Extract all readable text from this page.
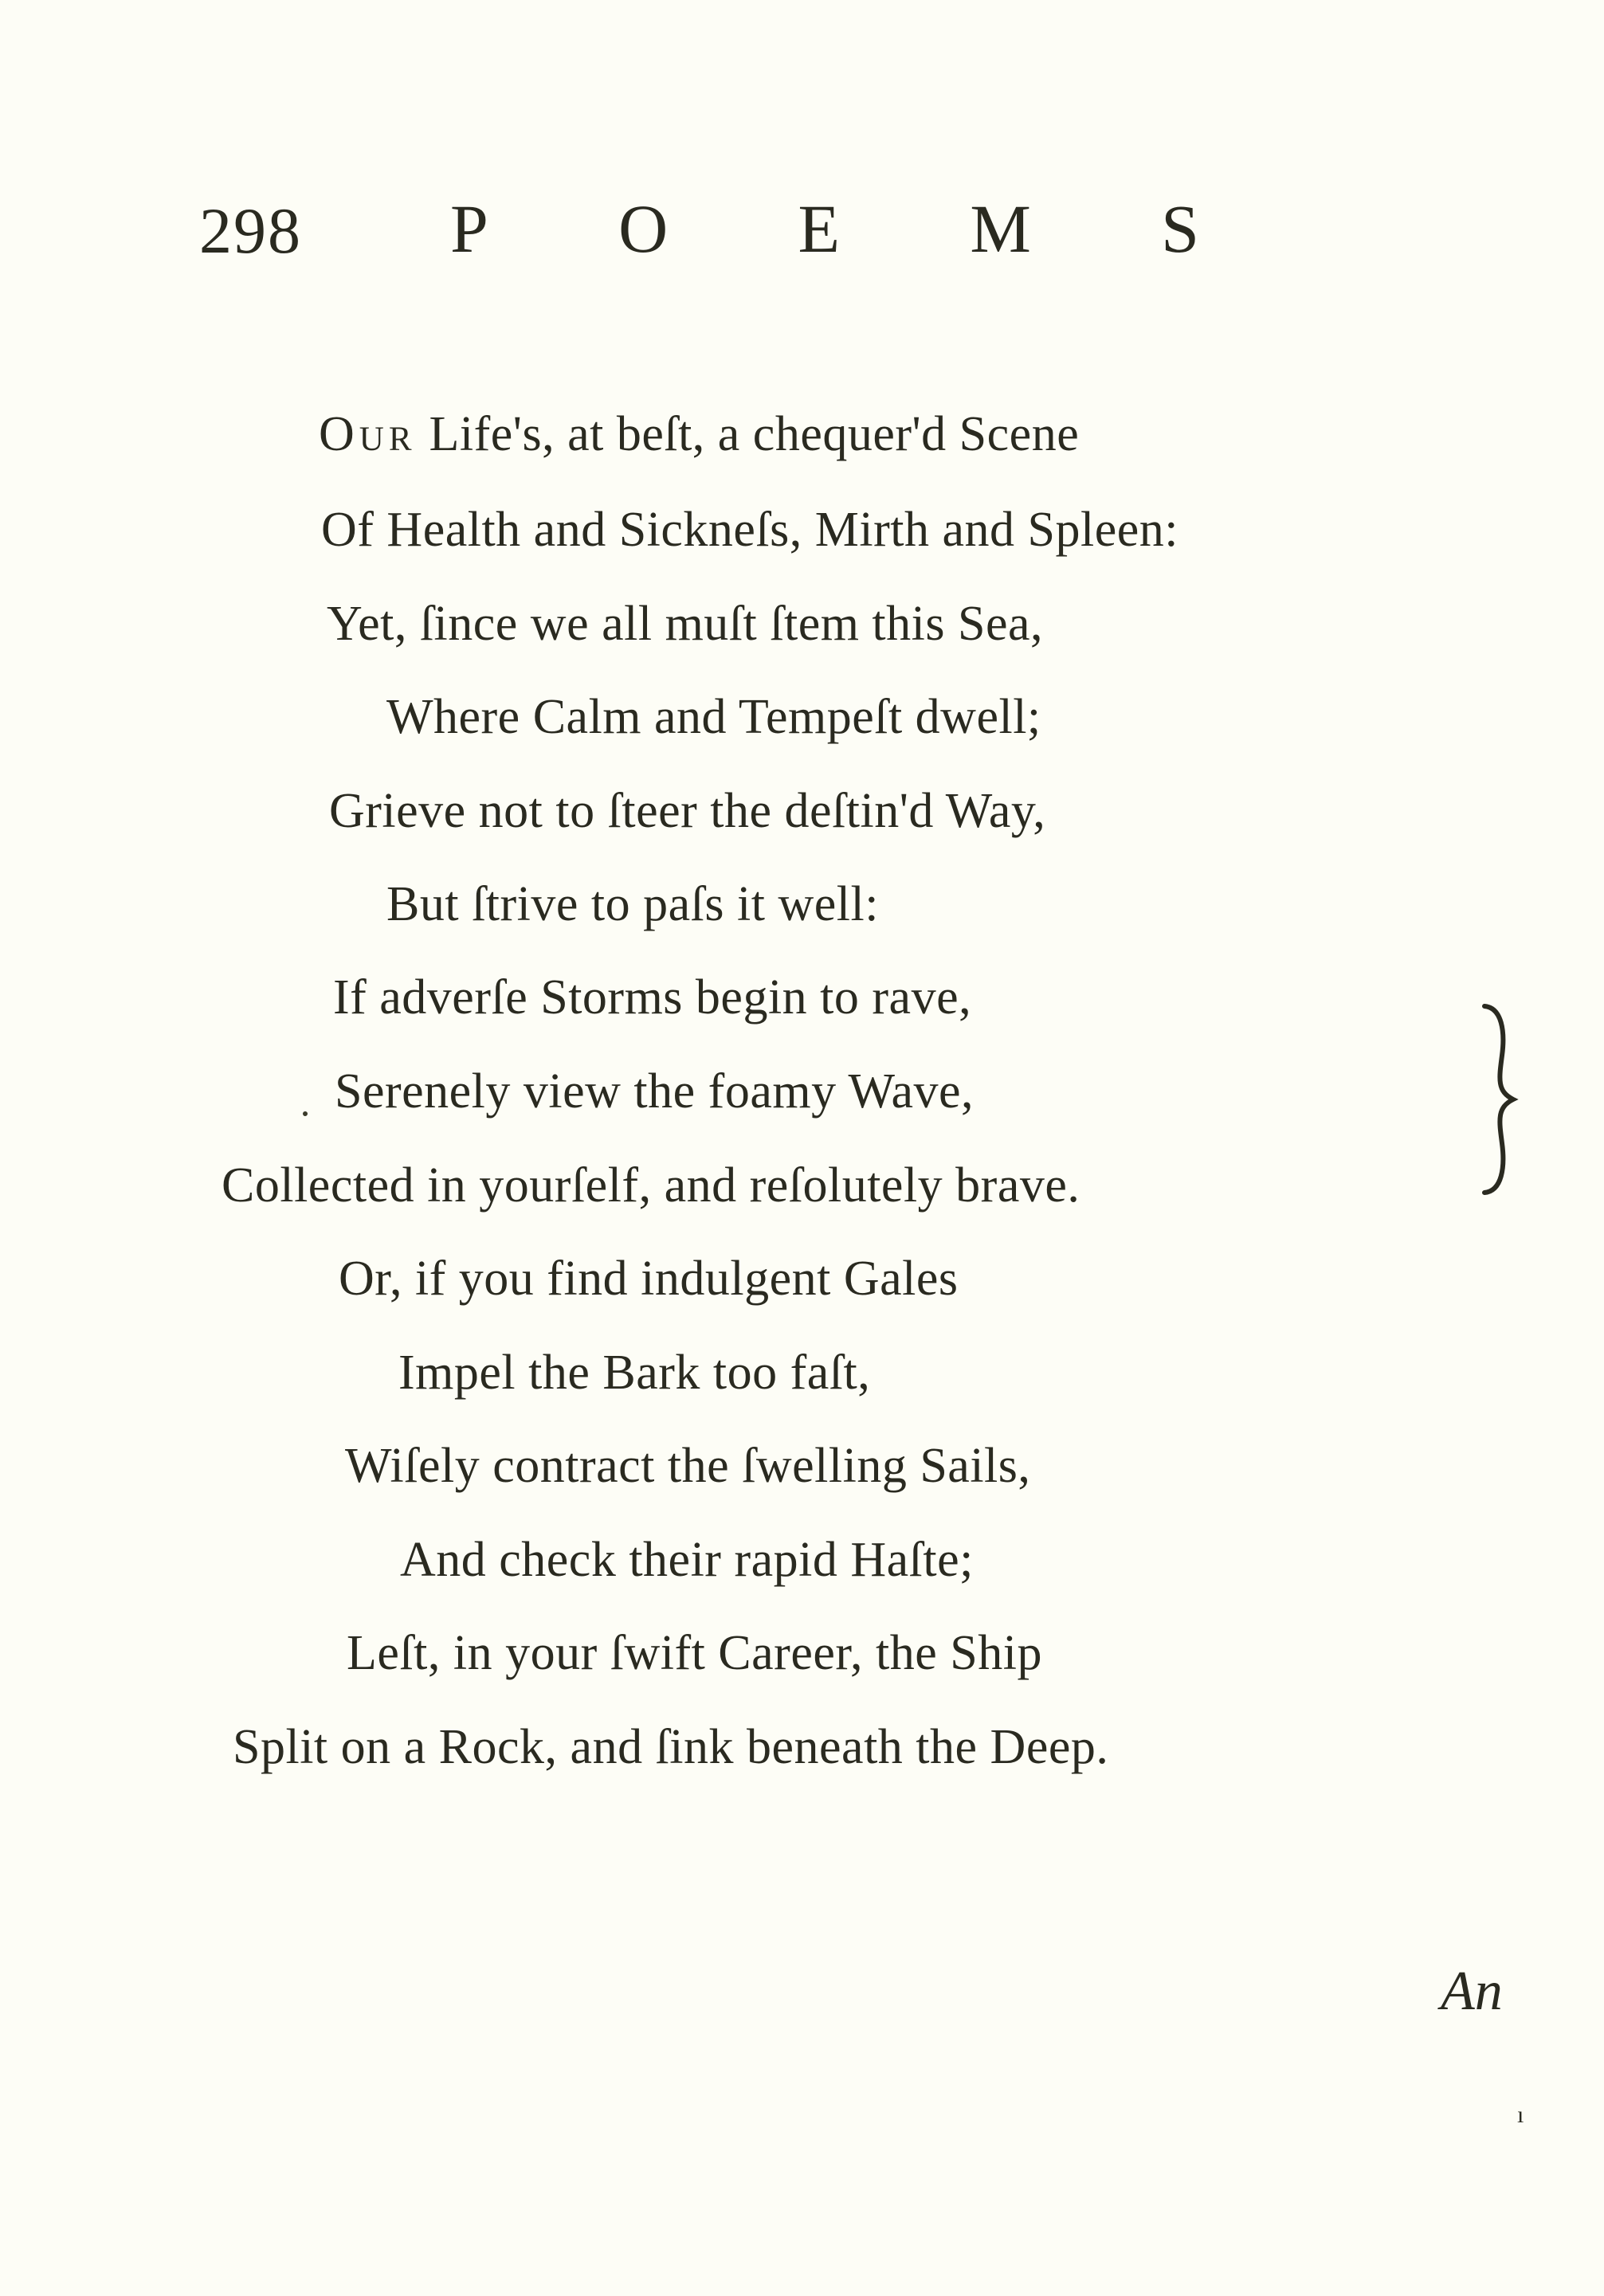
298 P O E M S
Our Life's, at beſt, a chequer'd Scene
Of Health and Sickneſs, Mirth and Spleen:
Yet, ſince we all muſt ſtem this Sea,
Where Calm and Tempeſt dwell;
Grieve not to ſteer the deſtin'd Way,
But ſtrive to paſs it well:
If adverſe Storms begin to rave,
Serenely view the foamy Wave,
Collected in yourſelf, and reſolutely brave.
Or, if you find indulgent Gales
Impel the Bark too faſt,
Wiſely contract the ſwelling Sails,
And check their rapid Haſte;
Leſt, in your ſwift Career, the Ship
Split on a Rock, and ſink beneath the Deep.
An
ı
